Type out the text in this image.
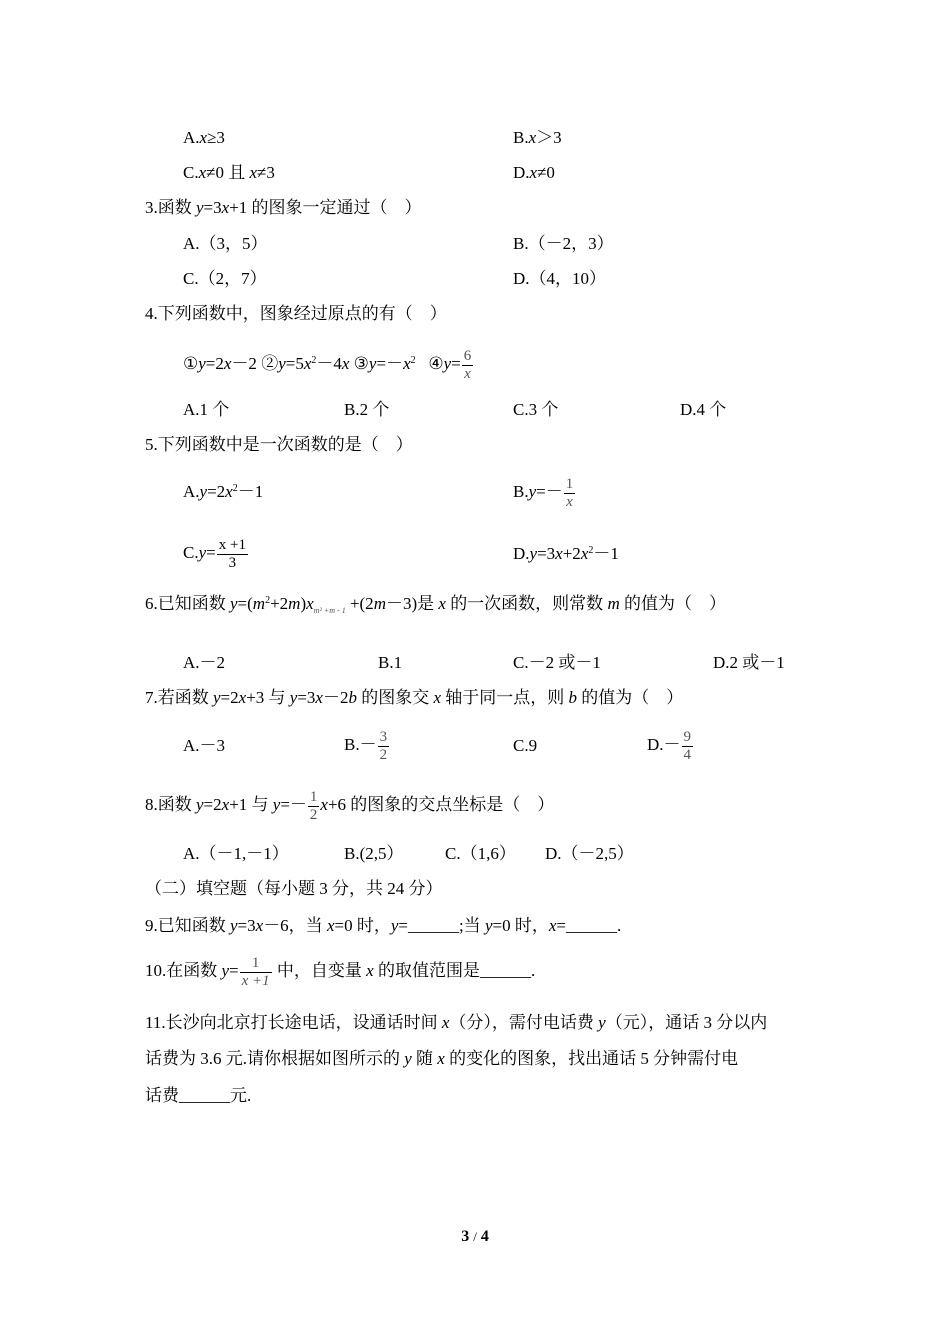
A.x≥3	B.x＞3
C.x≠0 且 x≠3	D.x≠0
3.函数 y=3x+1 的图象一定通过（　）
A.（3，5）	B.（－2，3）
C.（2，7）	D.（4，10）
4.下列函数中，图象经过原点的有（　）
①y=2x－2 $②y=5x^2-4x$ $③y=-x^2$ ④y= $\frac{6}{x}$
A.1 个	B.2 个	C.3 个	D.4 个
5.下列函数中是一次函数的是（　）
$A.y=2x^2-1$	$B.y=- \frac{1}{x}$
$C.y= \frac{x +1}{3}$	$D.y=3x+2x^2-1$
6.已知函数 $y=(m^2+2m)x_{m^2 +m - 1} +(2m-3)$是 x 的一次函数，则常数 m 的值为（　）
A.－2	B.1	C.－2 或－1	D.2 或－1
7.若函数 y=2x+3 与 y=3x－2b 的图象交 x 轴于同一点，则 b 的值为（　）
A.－3	$B.- \frac{3}{2}$	C.9	$D.- \frac{9}{4}$
8.函数 y=2x+1 与 $y=- \frac{1}{2} x+6$ 的图象的交点坐标是（　）
A.（－1,－1）	B.(2,5） C.（1,6） D.（－2,5）
（二）填空题（每小题 3 分，共 24 分）
9.已知函数 y=3x－6，当 x=0 时，y=______;当 y=0 时，x=______.
10.在函数 $y= \frac{1}{x +1}$ 中，自变量 x 的取值范围是______.
11.长沙向北京打长途电话，设通话时间 x（分），需付电话费 y（元），通话 3 分以内
话费为 3.6 元.请你根据如图所示的 y 随 x 的变化的图象，找出通话 5 分钟需付电
话费______元.
3 / 4
